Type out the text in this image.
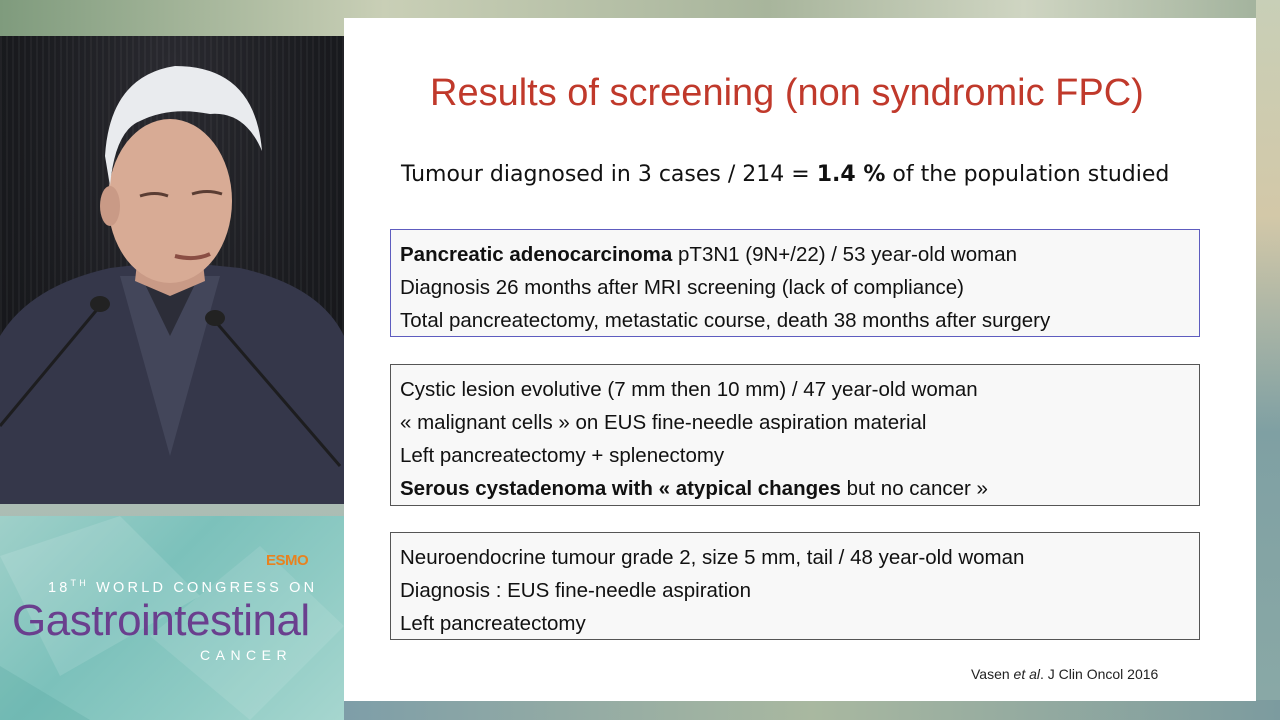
ESMO
18TH WORLD CONGRESS ON
Gastrointestinal
CANCER
Results of screening (non syndromic FPC)
Tumour diagnosed in 3 cases / 214 = 1.4 % of the population studied
Pancreatic adenocarcinoma pT3N1 (9N+/22) / 53 year-old woman
Diagnosis 26 months after MRI screening (lack of compliance)
Total pancreatectomy, metastatic course, death 38 months after surgery
Cystic lesion evolutive (7 mm then 10 mm) / 47 year-old woman
« malignant cells » on EUS fine-needle aspiration material
Left pancreatectomy + splenectomy
Serous cystadenoma with « atypical changes but no cancer »
Neuroendocrine tumour grade 2, size 5 mm, tail / 48 year-old woman
Diagnosis : EUS fine-needle aspiration
Left pancreatectomy
Vasen et al. J Clin Oncol 2016
